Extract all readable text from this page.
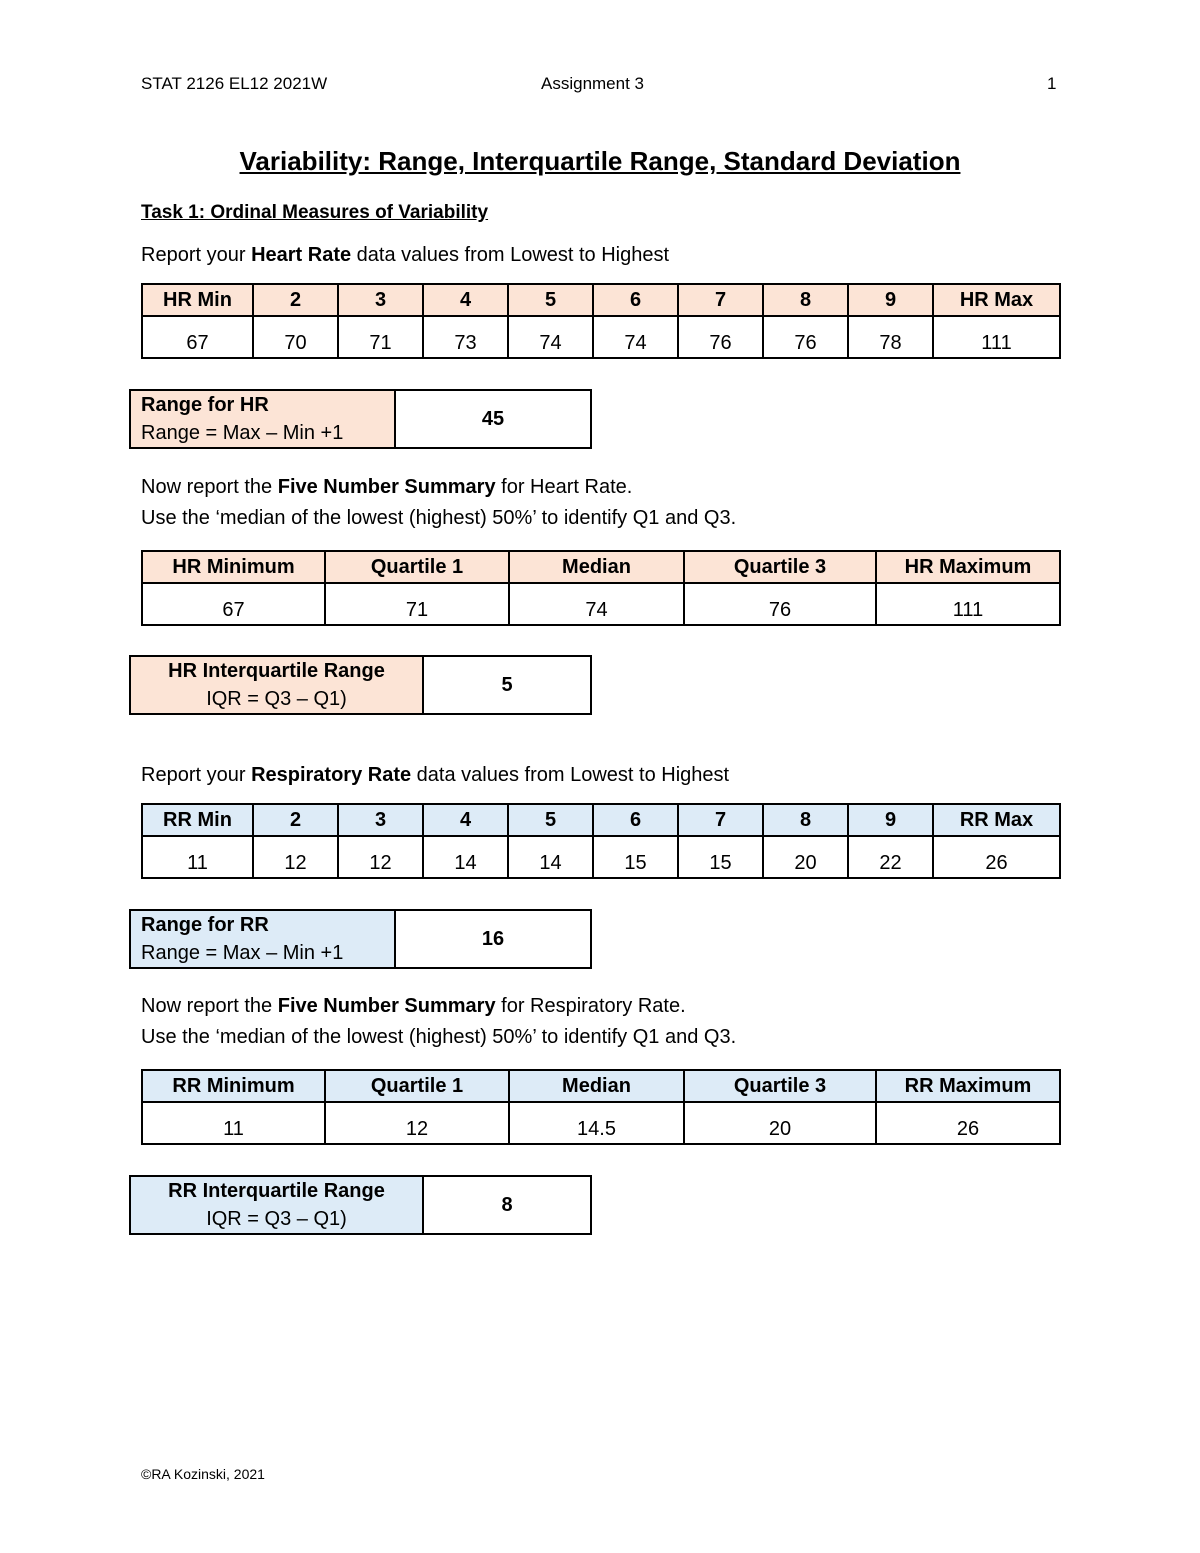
STAT 2126 EL12 2021W	Assignment 3	1
Variability: Range, Interquartile Range, Standard Deviation
Task 1: Ordinal Measures of Variability
Report your Heart Rate data values from Lowest to Highest
HR Min	2	3	4	5	6	7	8	9	HR Max
67	70	71	73	74	74	76	76	78	111
Range for HR
Range = Max – Min +1
	45
Now report the Five Number Summary for Heart Rate.
Use the ‘median of the lowest (highest) 50%’ to identify Q1 and Q3.
HR Minimum	Quartile 1	Median	Quartile 3	HR Maximum
67	71	74	76	111
HR Interquartile Range
IQR = Q3 – Q1)
	5
Report your Respiratory Rate data values from Lowest to Highest
RR Min	2	3	4	5	6	7	8	9	RR Max
11	12	12	14	14	15	15	20	22	26
Range for RR
Range = Max – Min +1
	16
Now report the Five Number Summary for Respiratory Rate.
Use the ‘median of the lowest (highest) 50%’ to identify Q1 and Q3.
RR Minimum	Quartile 1	Median	Quartile 3	RR Maximum
11	12	14.5	20	26
RR Interquartile Range
IQR = Q3 – Q1)
	8
©RA Kozinski, 2021
